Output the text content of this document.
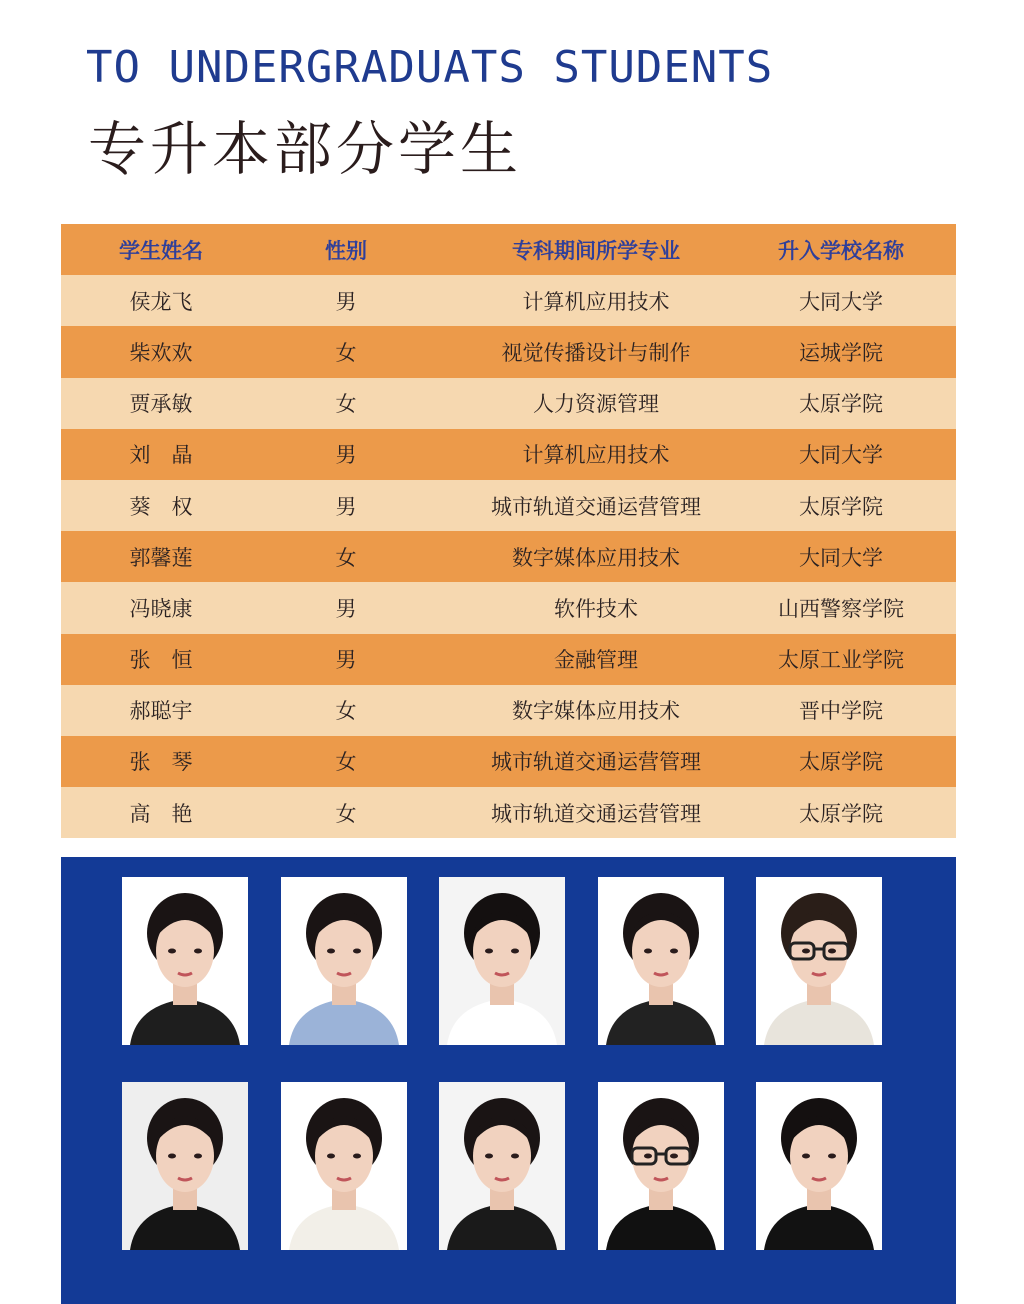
TO UNDERGRADUATS STUDENTS
专升本部分学生
学生姓名	性别	专科期间所学专业	升入学校名称
侯龙飞	男	计算机应用技术	大同大学
柴欢欢	女	视觉传播设计与制作	运城学院
贾承敏	女	人力资源管理	太原学院
刘　晶	男	计算机应用技术	大同大学
葵　权	男	城市轨道交通运营管理	太原学院
郭馨莲	女	数字媒体应用技术	大同大学
冯晓康	男	软件技术	山西警察学院
张　恒	男	金融管理	太原工业学院
郝聪宇	女	数字媒体应用技术	晋中学院
张　琴	女	城市轨道交通运营管理	太原学院
高　艳	女	城市轨道交通运营管理	太原学院
